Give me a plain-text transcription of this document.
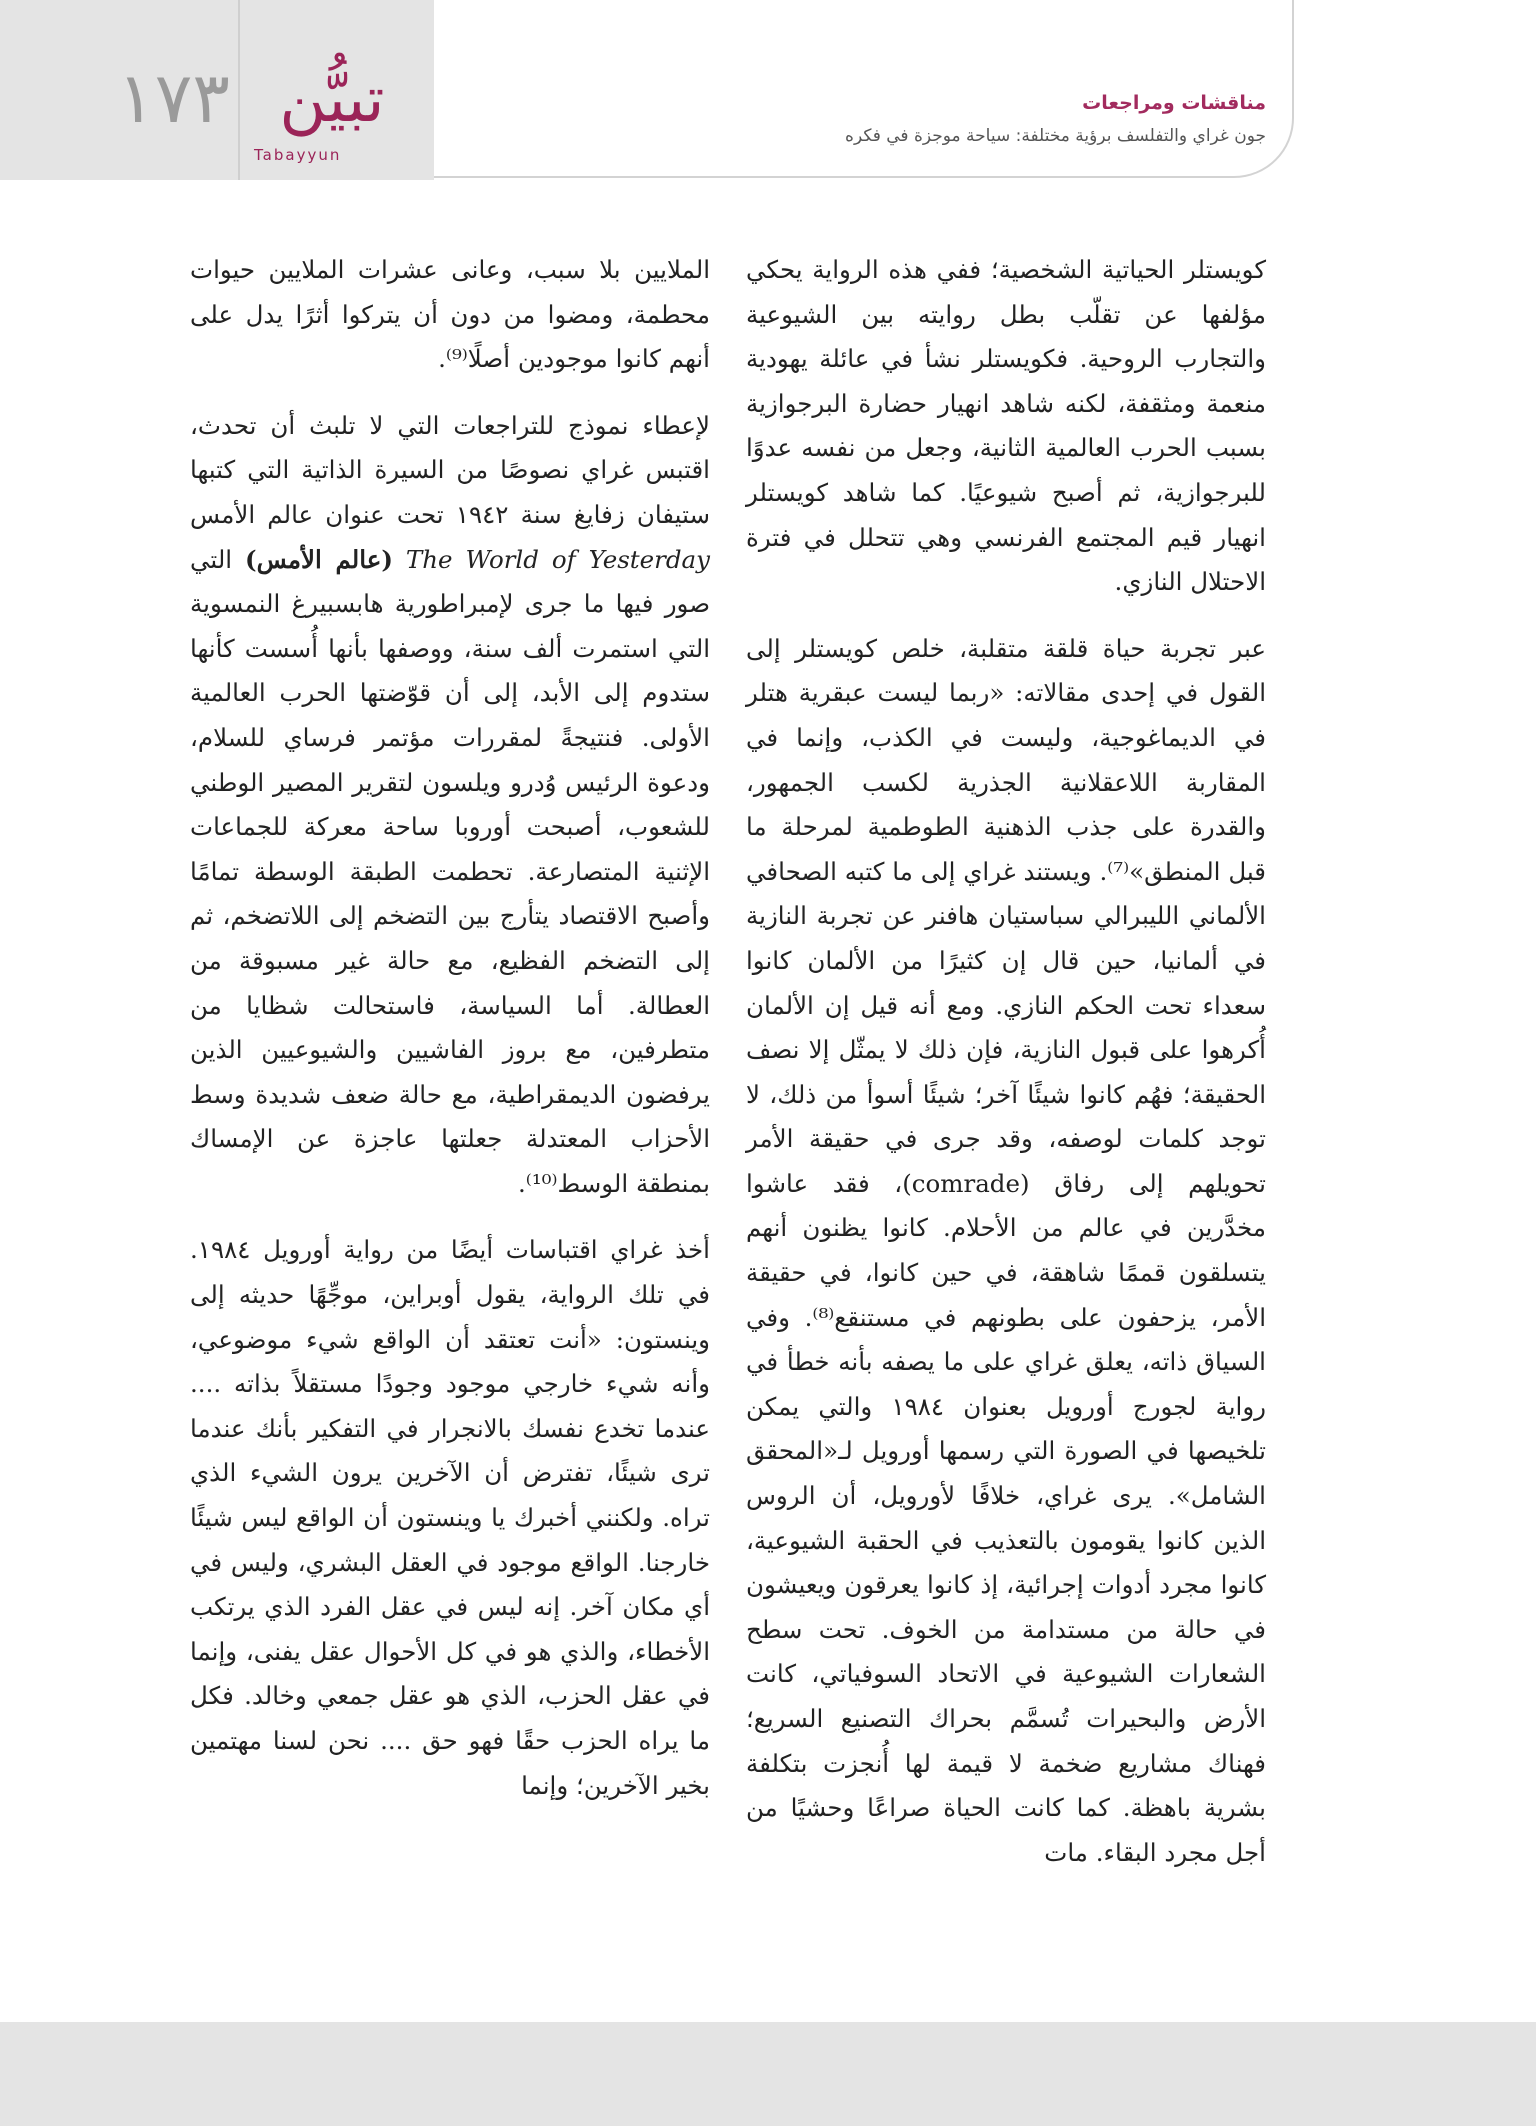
١٧٣ تبيُّن
Tabayyun
مناقشات ومراجعات
جون غراي والتفلسف برؤية مختلفة: سياحة موجزة في فكره

كويستلر الحياتية الشخصية؛ ففي هذه الرواية يحكي مؤلفها عن تقلّب بطل روايته بين الشيوعية والتجارب الروحية. فكويستلر نشأ في عائلة يهودية منعمة ومثقفة، لكنه شاهد انهيار حضارة البرجوازية بسبب الحرب العالمية الثانية، وجعل من نفسه عدوًا للبرجوازية، ثم أصبح شيوعيًا. كما شاهد كويستلر انهيار قيم المجتمع الفرنسي وهي تتحلل في فترة الاحتلال النازي.

عبر تجربة حياة قلقة متقلبة، خلص كويستلر إلى القول في إحدى مقالاته: «ربما ليست عبقرية هتلر في الديماغوجية، وليست في الكذب، وإنما في المقاربة اللاعقلانية الجذرية لكسب الجمهور، والقدرة على جذب الذهنية الطوطمية لمرحلة ما قبل المنطق»⁽⁷⁾. ويستند غراي إلى ما كتبه الصحافي الألماني الليبرالي سباستيان هافنر عن تجربة النازية في ألمانيا، حين قال إن كثيرًا من الألمان كانوا سعداء تحت الحكم النازي. ومع أنه قيل إن الألمان أُكرهوا على قبول النازية، فإن ذلك لا يمثّل إلا نصف الحقيقة؛ فهُم كانوا شيئًا آخر؛ شيئًا أسوأ من ذلك، لا توجد كلمات لوصفه، وقد جرى في حقيقة الأمر تحويلهم إلى رفاق (comrade)، فقد عاشوا مخدَّرين في عالم من الأحلام. كانوا يظنون أنهم يتسلقون قممًا شاهقة، في حين كانوا، في حقيقة الأمر، يزحفون على بطونهم في مستنقع⁽⁸⁾. وفي السياق ذاته، يعلق غراي على ما يصفه بأنه خطأ في رواية لجورج أورويل بعنوان ١٩٨٤ والتي يمكن تلخيصها في الصورة التي رسمها أورويل لـ«المحقق الشامل». يرى غراي، خلافًا لأورويل، أن الروس الذين كانوا يقومون بالتعذيب في الحقبة الشيوعية، كانوا مجرد أدوات إجرائية، إذ كانوا يعرقون ويعيشون في حالة من مستدامة من الخوف. تحت سطح الشعارات الشيوعية في الاتحاد السوفياتي، كانت الأرض والبحيرات تُسمَّم بحراك التصنيع السريع؛ فهناك مشاريع ضخمة لا قيمة لها أُنجزت بتكلفة بشرية باهظة. كما كانت الحياة صراعًا وحشيًا من أجل مجرد البقاء. مات

الملايين بلا سبب، وعانى عشرات الملايين حيوات محطمة، ومضوا من دون أن يتركوا أثرًا يدل على أنهم كانوا موجودين أصلًا⁽⁹⁾.

لإعطاء نموذج للتراجعات التي لا تلبث أن تحدث، اقتبس غراي نصوصًا من السيرة الذاتية التي كتبها ستيفان زفايغ سنة ١٩٤٢ تحت عنوان عالم الأمس The World of Yesterday (عالم الأمس) التي صور فيها ما جرى لإمبراطورية هابسبيرغ النمسوية التي استمرت ألف سنة، ووصفها بأنها أُسست كأنها ستدوم إلى الأبد، إلى أن قوّضتها الحرب العالمية الأولى. فنتيجةً لمقررات مؤتمر فرساي للسلام، ودعوة الرئيس وُدرو ويلسون لتقرير المصير الوطني للشعوب، أصبحت أوروبا ساحة معركة للجماعات الإثنية المتصارعة. تحطمت الطبقة الوسطة تمامًا وأصبح الاقتصاد يتأرج بين التضخم إلى اللاتضخم، ثم إلى التضخم الفظيع، مع حالة غير مسبوقة من العطالة. أما السياسة، فاستحالت شظايا من متطرفين، مع بروز الفاشيين والشيوعيين الذين يرفضون الديمقراطية، مع حالة ضعف شديدة وسط الأحزاب المعتدلة جعلتها عاجزة عن الإمساك بمنطقة الوسط⁽¹⁰⁾.

أخذ غراي اقتباسات أيضًا من رواية أورويل ١٩٨٤. في تلك الرواية، يقول أوبراين، موجِّهًا حديثه إلى وينستون: «أنت تعتقد أن الواقع شيء موضوعي، وأنه شيء خارجي موجود وجودًا مستقلاً بذاته .... عندما تخدع نفسك بالانجرار في التفكير بأنك عندما ترى شيئًا، تفترض أن الآخرين يرون الشيء الذي تراه. ولكنني أخبرك يا وينستون أن الواقع ليس شيئًا خارجنا. الواقع موجود في العقل البشري، وليس في أي مكان آخر. إنه ليس في عقل الفرد الذي يرتكب الأخطاء، والذي هو في كل الأحوال عقل يفنى، وإنما في عقل الحزب، الذي هو عقل جمعي وخالد. فكل ما يراه الحزب حقًا فهو حق .... نحن لسنا مهتمين بخير الآخرين؛ وإنما
